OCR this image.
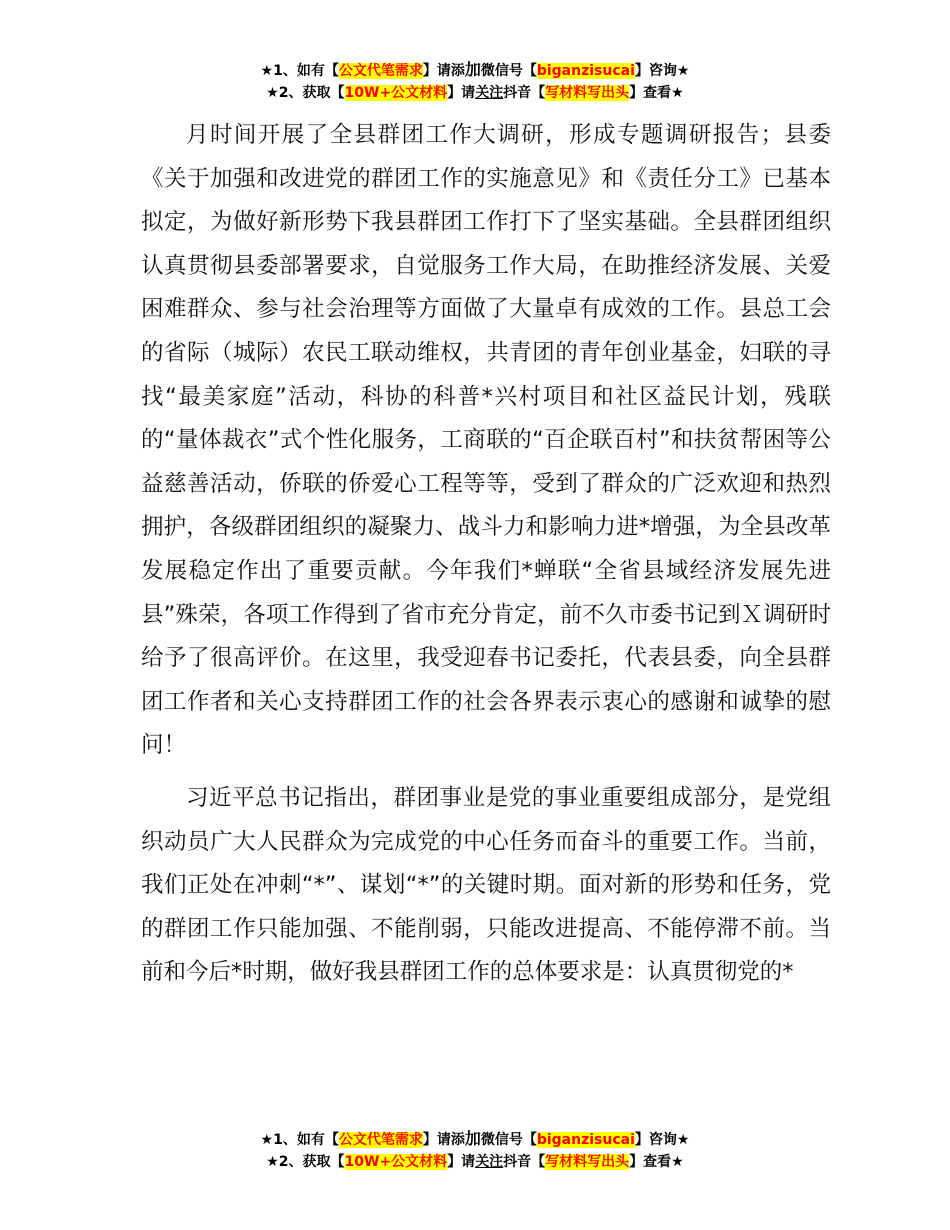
★1、如有【公文代笔需求】请添加微信号【biganzisucai】咨询★
★2、获取【10W+公文材料】请关注抖音【写材料写出头】查看★

月时间开展了全县群团工作大调研，形成专题调研报告；县委《关于加强和改进党的群团工作的实施意见》和《责任分工》已基本拟定，为做好新形势下我县群团工作打下了坚实基础。全县群团组织认真贯彻县委部署要求，自觉服务工作大局，在助推经济发展、关爱困难群众、参与社会治理等方面做了大量卓有成效的工作。县总工会的省际（城际）农民工联动维权，共青团的青年创业基金，妇联的寻找“最美家庭”活动，科协的科普*兴村项目和社区益民计划，残联的“量体裁衣”式个性化服务，工商联的“百企联百村”和扶贫帮困等公益慈善活动，侨联的侨爱心工程等等，受到了群众的广泛欢迎和热烈拥护，各级群团组织的凝聚力、战斗力和影响力进*增强，为全县改革发展稳定作出了重要贡献。今年我们*蝉联“全省县域经济发展先进县”殊荣，各项工作得到了省市充分肯定，前不久市委书记到Ｘ调研时给予了很高评价。在这里，我受迎春书记委托，代表县委，向全县群团工作者和关心支持群团工作的社会各界表示衷心的感谢和诚挚的慰问！

习近平总书记指出，群团事业是党的事业重要组成部分，是党组织动员广大人民群众为完成党的中心任务而奋斗的重要工作。当前，我们正处在冲刺“*”、谋划“*”的关键时期。面对新的形势和任务，党的群团工作只能加强、不能削弱，只能改进提高、不能停滞不前。当前和今后*时期，做好我县群团工作的总体要求是：认真贯彻党的*

★1、如有【公文代笔需求】请添加微信号【biganzisucai】咨询★
★2、获取【10W+公文材料】请关注抖音【写材料写出头】查看★
